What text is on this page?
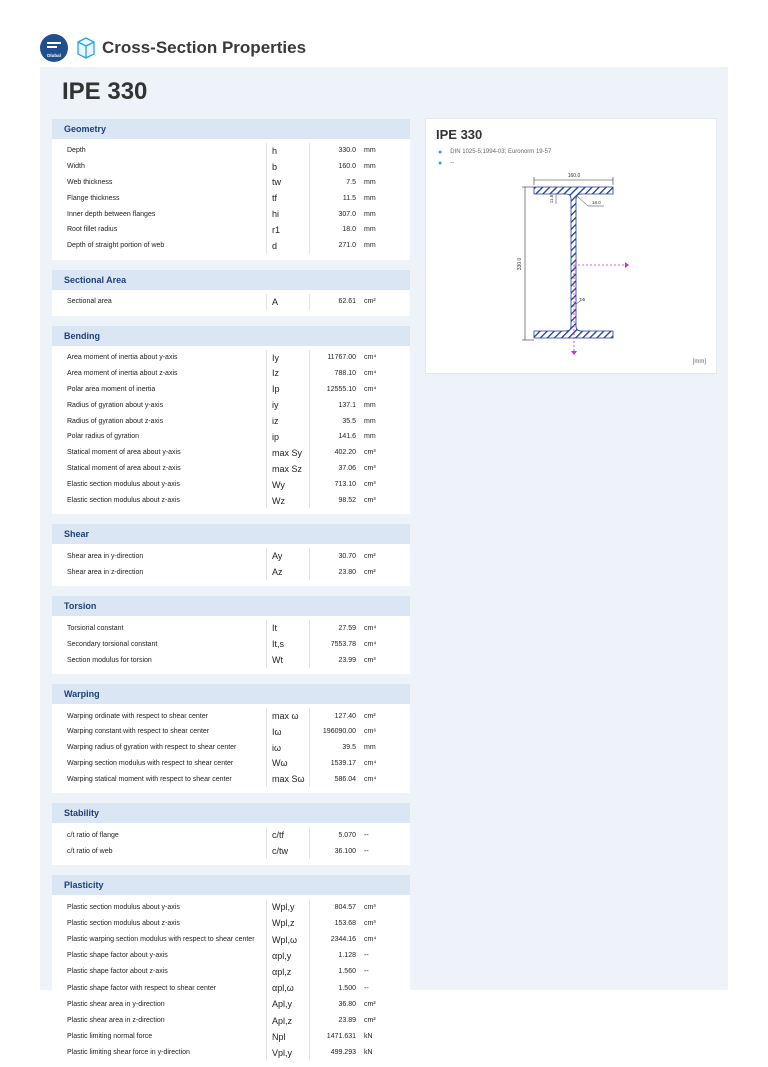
Dlubal	Cross-Section Properties
IPE 330
Geometry
Depth	h	330.0	mm
Width	b	160.0	mm
Web thickness	tw	7.5	mm
Flange thickness	tf	11.5	mm
Inner depth between flanges	hi	307.0	mm
Root fillet radius	r1	18.0	mm
Depth of straight portion of web	d	271.0	mm
Sectional Area
Sectional area	A	62.61	cm²
Bending
Area moment of inertia about y-axis	Iy	11767.00	cm⁴
Area moment of inertia about z-axis	Iz	788.10	cm⁴
Polar area moment of inertia	Ip	12555.10	cm⁴
Radius of gyration about y-axis	iy	137.1	mm
Radius of gyration about z-axis	iz	35.5	mm
Polar radius of gyration	ip	141.6	mm
Statical moment of area about y-axis	max Sy	402.20	cm³
Statical moment of area about z-axis	max Sz	37.06	cm³
Elastic section modulus about y-axis	Wy	713.10	cm³
Elastic section modulus about z-axis	Wz	98.52	cm³
Shear
Shear area in y-direction	Ay	30.70	cm²
Shear area in z-direction	Az	23.80	cm²
Torsion
Torsional constant	It	27.59	cm⁴
Secondary torsional constant	It,s	7553.78	cm⁴
Section modulus for torsion	Wt	23.99	cm³
Warping
Warping ordinate with respect to shear center	max ω	127.40	cm²
Warping constant with respect to shear center	Iω	196090.00	cm⁶
Warping radius of gyration with respect to shear center	iω	39.5	mm
Warping section modulus with respect to shear center	Wω	1539.17	cm⁴
Warping statical moment with respect to shear center	max Sω	586.04	cm⁴
Stability
c/t ratio of flange	c/tf	5.070	--
c/t ratio of web	c/tw	36.100	--
Plasticity
Plastic section modulus about y-axis	Wpl,y	804.57	cm³
Plastic section modulus about z-axis	Wpl,z	153.68	cm³
Plastic warping section modulus with respect to shear center	Wpl,ω	2344.16	cm⁴
Plastic shape factor about y-axis	αpl,y	1.128	--
Plastic shape factor about z-axis	αpl,z	1.560	--
Plastic shape factor with respect to shear center	αpl,ω	1.500	--
Plastic shear area in y-direction	Apl,y	36.80	cm²
Plastic shear area in z-direction	Apl,z	23.89	cm²
Plastic limiting normal force	Npl	1471.631	kN
Plastic limiting shear force in y-direction	Vpl,y	499.293	kN
IPE 330
● DIN 1025-5:1994-03; Euronorm 19-57
● --
160.0
330.0
11.5	18.0
7.5
[mm]
